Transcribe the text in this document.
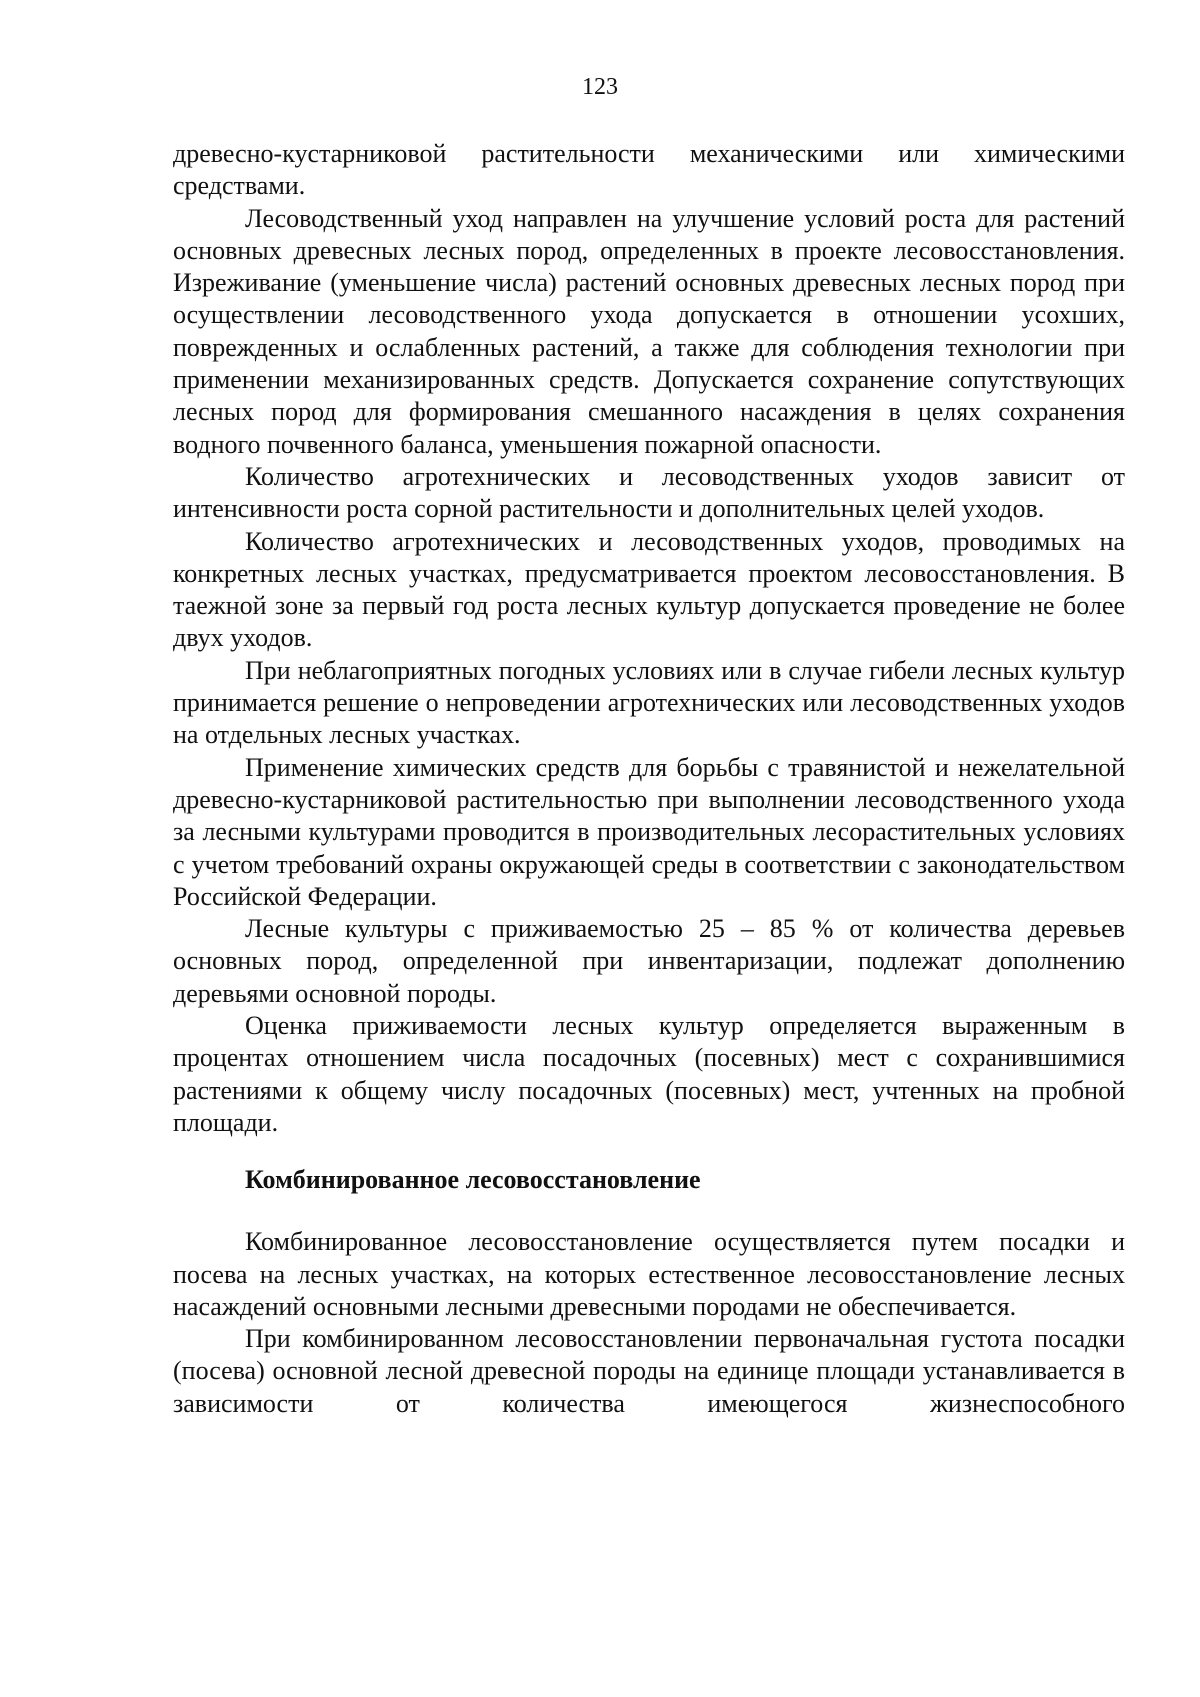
123

древесно-кустарниковой растительности механическими или химическими средствами.

Лесоводственный уход направлен на улучшение условий роста для растений основных древесных лесных пород, определенных в проекте лесовосстановления. Изреживание (уменьшение числа) растений основных древесных лесных пород при осуществлении лесоводственного ухода допускается в отношении усохших, поврежденных и ослабленных растений, а также для соблюдения технологии при применении механизированных средств. Допускается сохранение сопутствующих лесных пород для формирования смешанного насаждения в целях сохранения водного почвенного баланса, уменьшения пожарной опасности.

Количество агротехнических и лесоводственных уходов зависит от интенсивности роста сорной растительности и дополнительных целей уходов.

Количество агротехнических и лесоводственных уходов, проводимых на конкретных лесных участках, предусматривается проектом лесовосстановления. В таежной зоне за первый год роста лесных культур допускается проведение не более двух уходов.

При неблагоприятных погодных условиях или в случае гибели лесных культур принимается решение о непроведении агротехнических или лесоводственных уходов на отдельных лесных участках.

Применение химических средств для борьбы с травянистой и нежелательной древесно-кустарниковой растительностью при выполнении лесоводственного ухода за лесными культурами проводится в производительных лесорастительных условиях с учетом требований охраны окружающей среды в соответствии с законодательством Российской Федерации.

Лесные культуры с приживаемостью 25 – 85 % от количества деревьев основных пород, определенной при инвентаризации, подлежат дополнению деревьями основной породы.

Оценка приживаемости лесных культур определяется выраженным в процентах отношением числа посадочных (посевных) мест с сохранившимися растениями к общему числу посадочных (посевных) мест, учтенных на пробной площади.

Комбинированное лесовосстановление

Комбинированное лесовосстановление осуществляется путем посадки и посева на лесных участках, на которых естественное лесовосстановление лесных насаждений основными лесными древесными породами не обеспечивается.

При комбинированном лесовосстановлении первоначальная густота посадки (посева) основной лесной древесной породы на единице площади устанавливается в зависимости от количества имеющегося жизнеспособного
